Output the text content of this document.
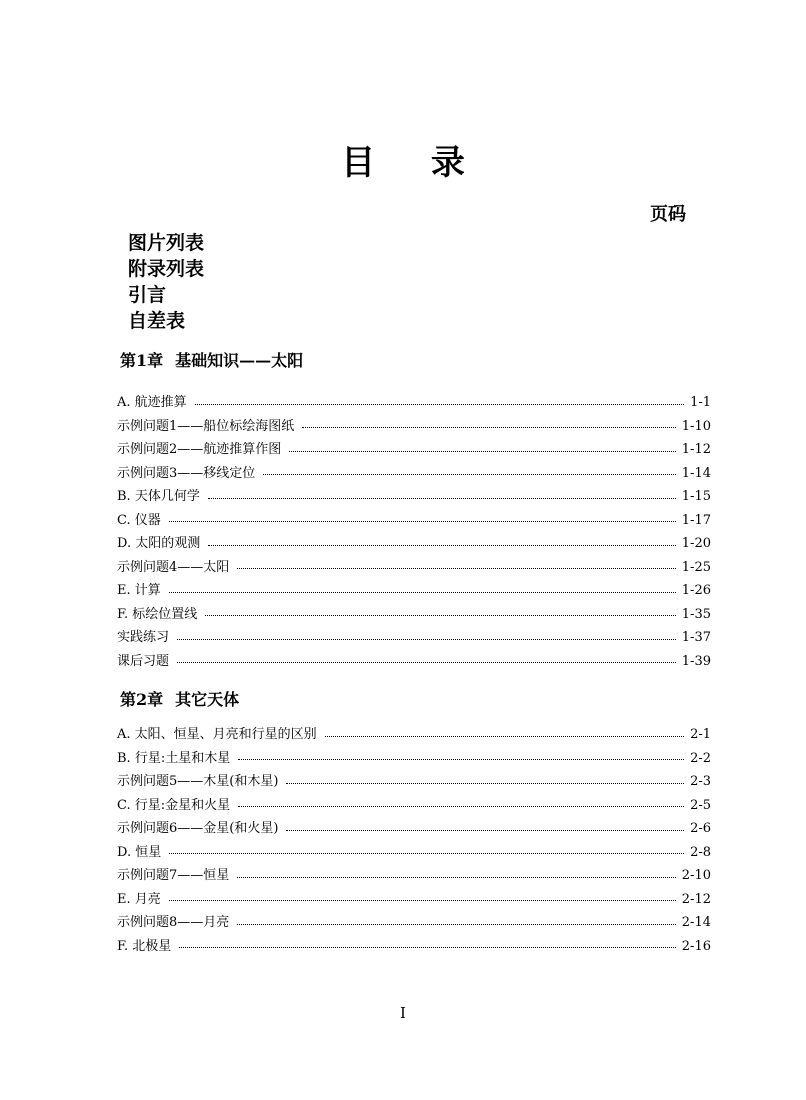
目 录
页码
图片列表
附录列表
引言
自差表
第1章 基础知识——太阳
A. 航迹推算	1-1
示例问题1——船位标绘海图纸	1-10
示例问题2——航迹推算作图	1-12
示例问题3——移线定位	1-14
B. 天体几何学	1-15
C. 仪器	1-17
D. 太阳的观测	1-20
示例问题4——太阳	1-25
E. 计算	1-26
F. 标绘位置线	1-35
实践练习	1-37
课后习题	1-39
第2章 其它天体
A. 太阳、恒星、月亮和行星的区别	2-1
B. 行星:土星和木星	2-2
示例问题5——木星(和木星)	2-3
C. 行星:金星和火星	2-5
示例问题6——金星(和火星)	2-6
D. 恒星	2-8
示例问题7——恒星	2-10
E. 月亮	2-12
示例问题8——月亮	2-14
F. 北极星	2-16
I
